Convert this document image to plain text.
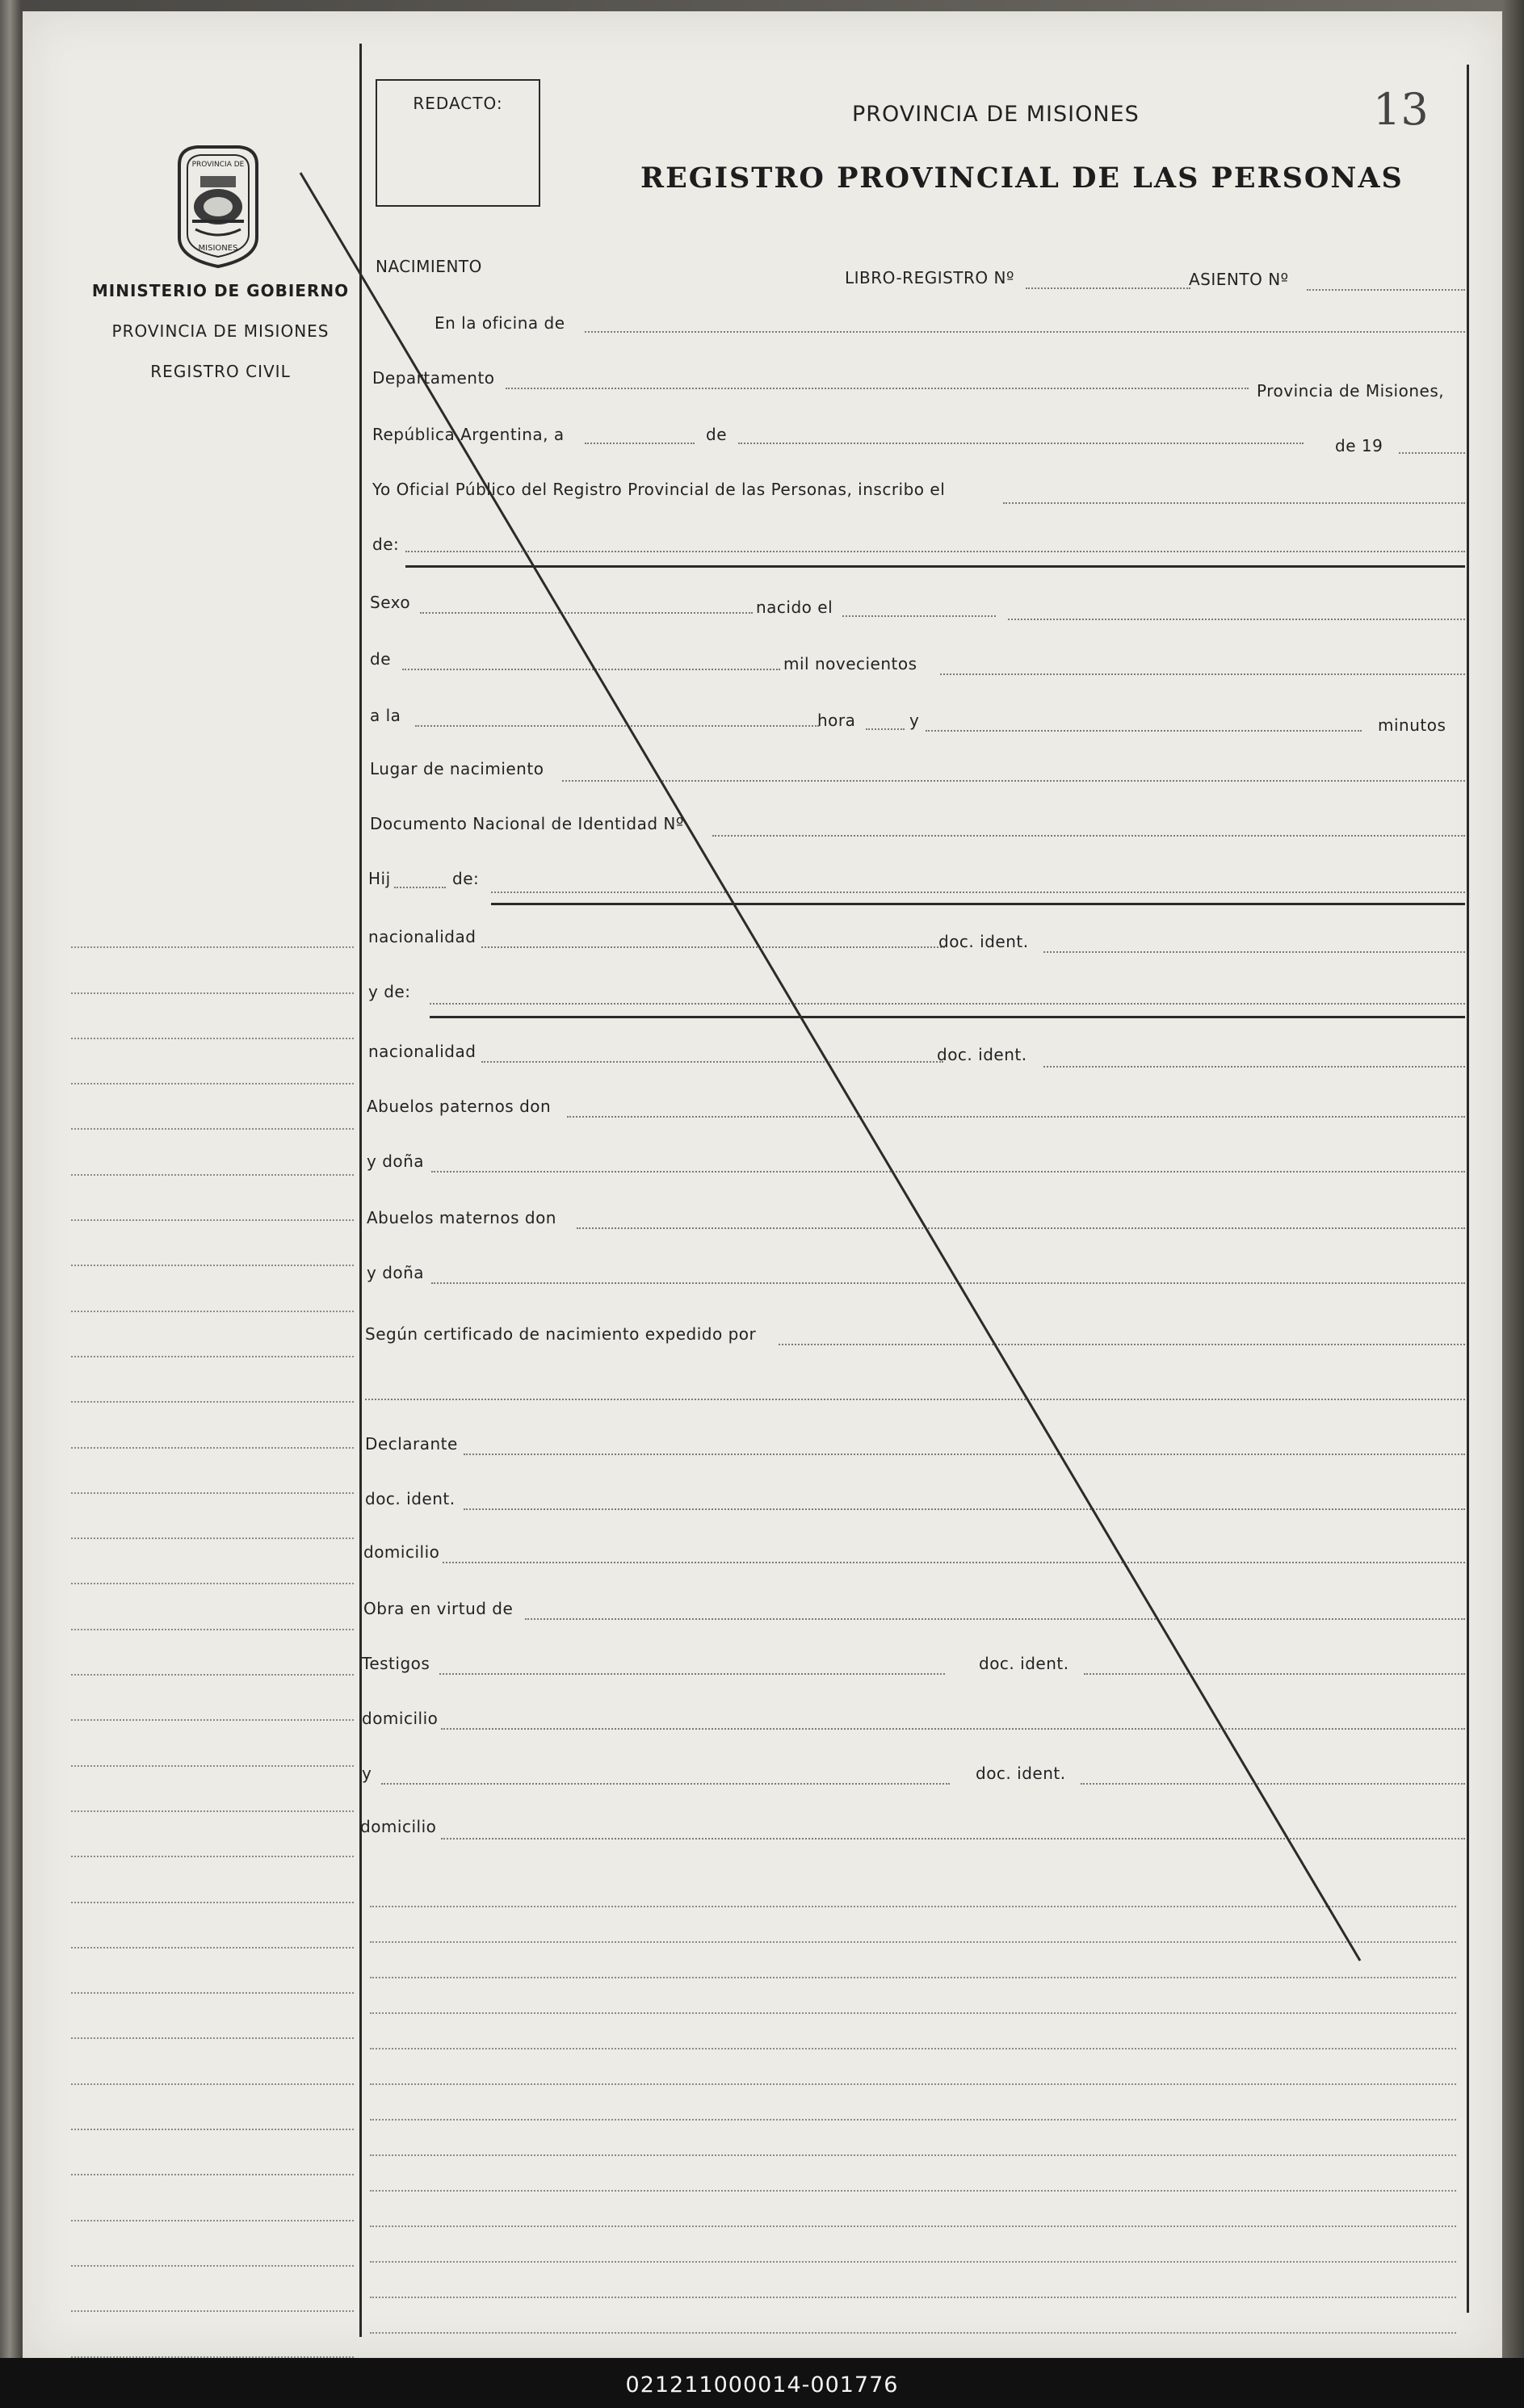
REDACTO:	PROVINCIA DE MISIONES
REGISTRO PROVINCIAL DE LAS PERSONAS
13
PROVINCIA DE
MISIONES
MINISTERIO DE GOBIERNO
PROVINCIA DE MISIONES
REGISTRO CIVIL
NACIMIENTO
LIBRO-REGISTRO Nº	ASIENTO Nº
En la oficina de
Departamento
Provincia de Misiones,
República Argentina, a	de
de 19
Yo Oficial Público del Registro Provincial de las Personas, inscribo el
de:
Sexo	nacido el
de	mil novecientos
a la	hora	y	minutos
Lugar de nacimiento
Documento Nacional de Identidad Nº
Hij	de:
nacionalidad	doc. ident.
y de:
nacionalidad	doc. ident.
Abuelos paternos don
y doña
Abuelos maternos don
y doña
Según certificado de nacimiento expedido por
Declarante
doc. ident.
domicilio
Obra en virtud de
Testigos	doc. ident.
domicilio
y	doc. ident.
domicilio
021211000014-001776
